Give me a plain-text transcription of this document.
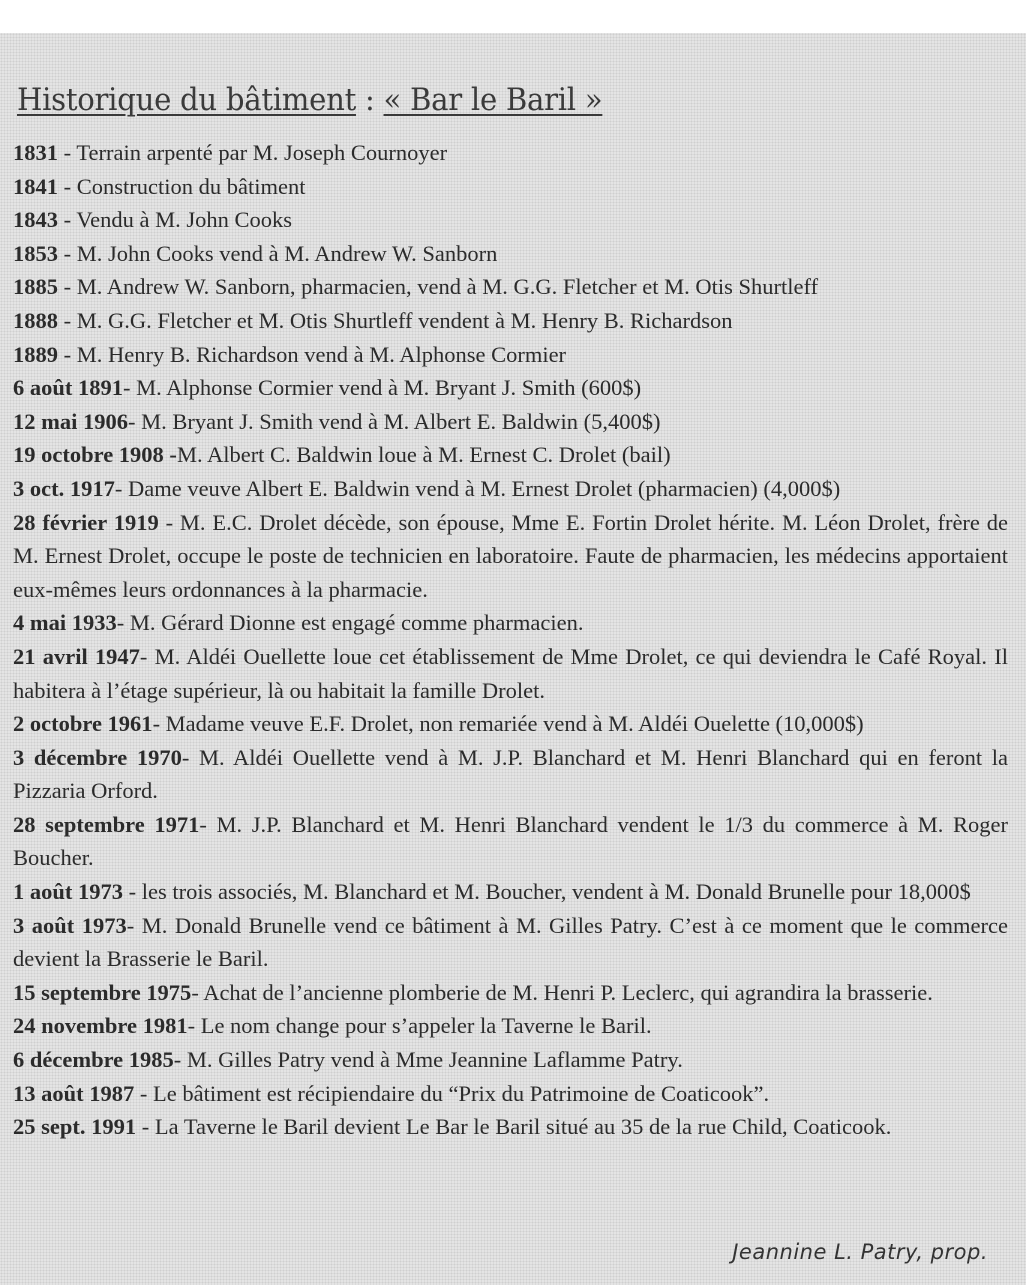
Historique du bâtiment : « Bar le Baril »

1831 - Terrain arpenté par M. Joseph Cournoyer

1841 - Construction du bâtiment

1843 - Vendu à M. John Cooks

1853 - M. John Cooks vend à M. Andrew W. Sanborn

1885 - M. Andrew W. Sanborn, pharmacien, vend à M. G.G. Fletcher et M. Otis Shurtleff

1888 - M. G.G. Fletcher et M. Otis Shurtleff vendent à M. Henry B. Richardson

1889 - M. Henry B. Richardson vend à M. Alphonse Cormier

6 août 1891- M. Alphonse Cormier vend à M. Bryant J. Smith (600$)

12 mai 1906- M. Bryant J. Smith vend à M. Albert E. Baldwin (5,400$)

19 octobre 1908 -M. Albert C. Baldwin loue à M. Ernest C. Drolet (bail)

3 oct. 1917- Dame veuve Albert E. Baldwin vend à M. Ernest Drolet (pharmacien) (4,000$)

28 février 1919 - M. E.C. Drolet décède, son épouse, Mme E. Fortin Drolet hérite. M. Léon Drolet, frère de M. Ernest Drolet, occupe le poste de technicien en laboratoire. Faute de pharmacien, les médecins apportaient eux-mêmes leurs ordonnances à la pharmacie.

4 mai 1933- M. Gérard Dionne est engagé comme pharmacien.

21 avril 1947- M. Aldéi Ouellette loue cet établissement de Mme Drolet, ce qui deviendra le Café Royal. Il habitera à l’étage supérieur, là ou habitait la famille Drolet.

2 octobre 1961- Madame veuve E.F. Drolet, non remariée vend à M. Aldéi Ouelette (10,000$)

3 décembre 1970- M. Aldéi Ouellette vend à M. J.P. Blanchard et M. Henri Blanchard qui en feront la Pizzaria Orford.

28 septembre 1971- M. J.P. Blanchard et M. Henri Blanchard vendent le 1/3 du commerce à M. Roger Boucher.

1 août 1973 - les trois associés, M. Blanchard et M. Boucher, vendent à M. Donald Brunelle pour 18,000$

3 août 1973- M. Donald Brunelle vend ce bâtiment à M. Gilles Patry. C’est à ce moment que le commerce devient la Brasserie le Baril.

15 septembre 1975- Achat de l’ancienne plomberie de M. Henri P. Leclerc, qui agrandira la brasserie.

24 novembre 1981- Le nom change pour s’appeler la Taverne le Baril.

6 décembre 1985- M. Gilles Patry vend à Mme Jeannine Laflamme Patry.

13 août 1987 - Le bâtiment est récipiendaire du “Prix du Patrimoine de Coaticook”.

25 sept. 1991 - La Taverne le Baril devient Le Bar le Baril situé au 35 de la rue Child, Coaticook.

Jeannine L. Patry, prop.
